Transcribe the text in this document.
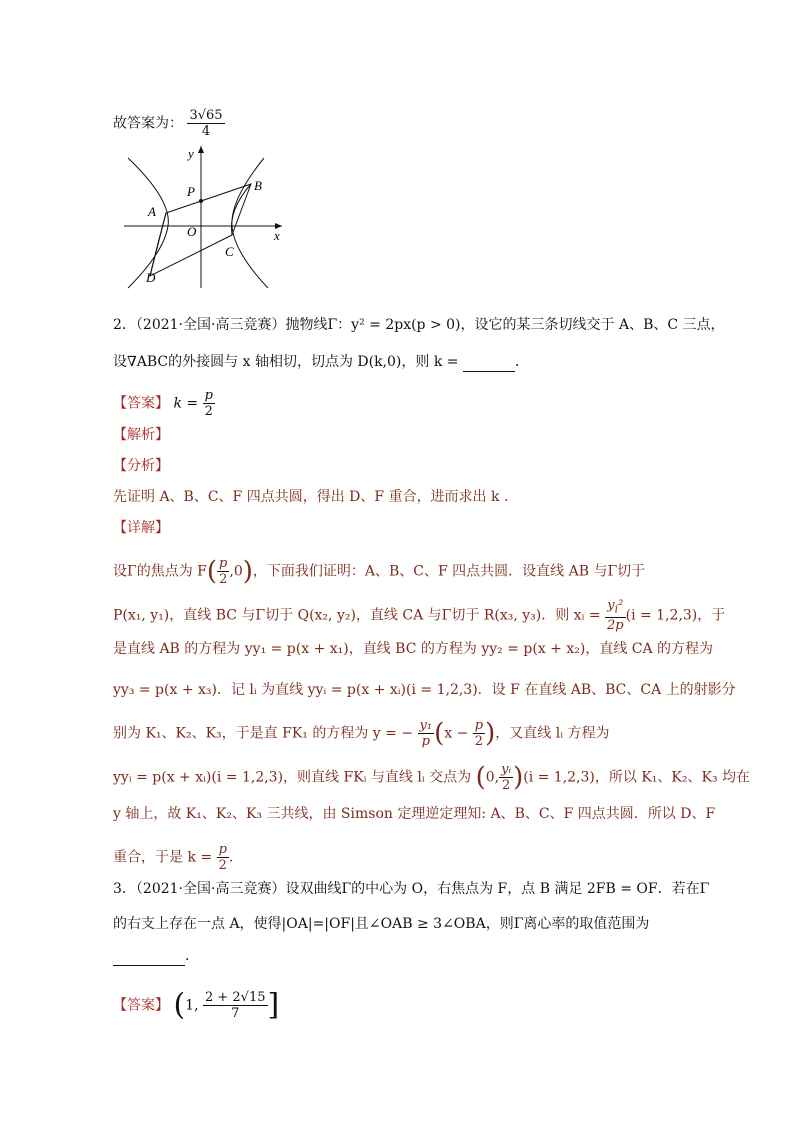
故答案为： $\frac{3√65}{4}$
y
x
P	B
A
O
C
D
2．（2021·全国·高三竞赛）抛物线Γ：y² = 2px(p > 0)，设它的某三条切线交于 A、B、C 三点，
设∇ABC的外接圆与 x 轴相切，切点为 D(k,0)，则 k =	．
【答案】 $k = \frac{p}{2}$
【解析】
【分析】
先证明 A、B、C、F 四点共圆，得出 D、F 重合，进而求出 k .
【详解】
设Γ的焦点为 $F( \frac{p}{2} ,0)$，下面我们证明：A、B、C、F 四点共圆．设直线 AB 与Γ切于
P(x₁, y₁)，直线 BC 与Γ切于 Q(x₂, y₂)，直线 CA 与Γ切于 R(x₃, y₃)．则 xᵢ = $\frac{y_i^2}{2p} (i = 1,2,3)$，于
是直线 AB 的方程为 yy₁ = p(x + x₁)，直线 BC 的方程为 yy₂ = p(x + x₂)，直线 CA 的方程为
yy₃ = p(x + x₃)．记 lᵢ 为直线 yyᵢ = p(x + xᵢ)(i = 1,2,3)．设 F 在直线 AB、BC、CA 上的射影分
别为 K₁、K₂、K₃，于是直 FK₁ 的方程为 y = − $\frac{\text{y₁}}{p} (x - \frac{p}{2}$ )，又直线 lᵢ 方程为
yyᵢ = p(x + xᵢ)(i = 1,2,3)，则直线 FKᵢ 与直线 lᵢ 交点为 (0, $\frac{\text{yᵢ}}{2} )(i = 1,2,3)$，所以 K₁、K₂、K₃ 均在
y 轴上，故 K₁、K₂、K₃ 三共线，由 Simson 定理逆定理知: A、B、C、F 四点共圆．所以 D、F
重合，于是 $k = \frac{p}{2}$ ．
3．（2021·全国·高三竞赛）设双曲线Γ的中心为 O，右焦点为 F，点 B 满足 2FB = OF．若在Γ
的右支上存在一点 A，使得|OA|=|OF|且∠OAB ≥ 3∠OBA，则Γ离心率的取值范围为
．
【答案】 (1, $\frac{2 + 2√15}{7}$ ]
